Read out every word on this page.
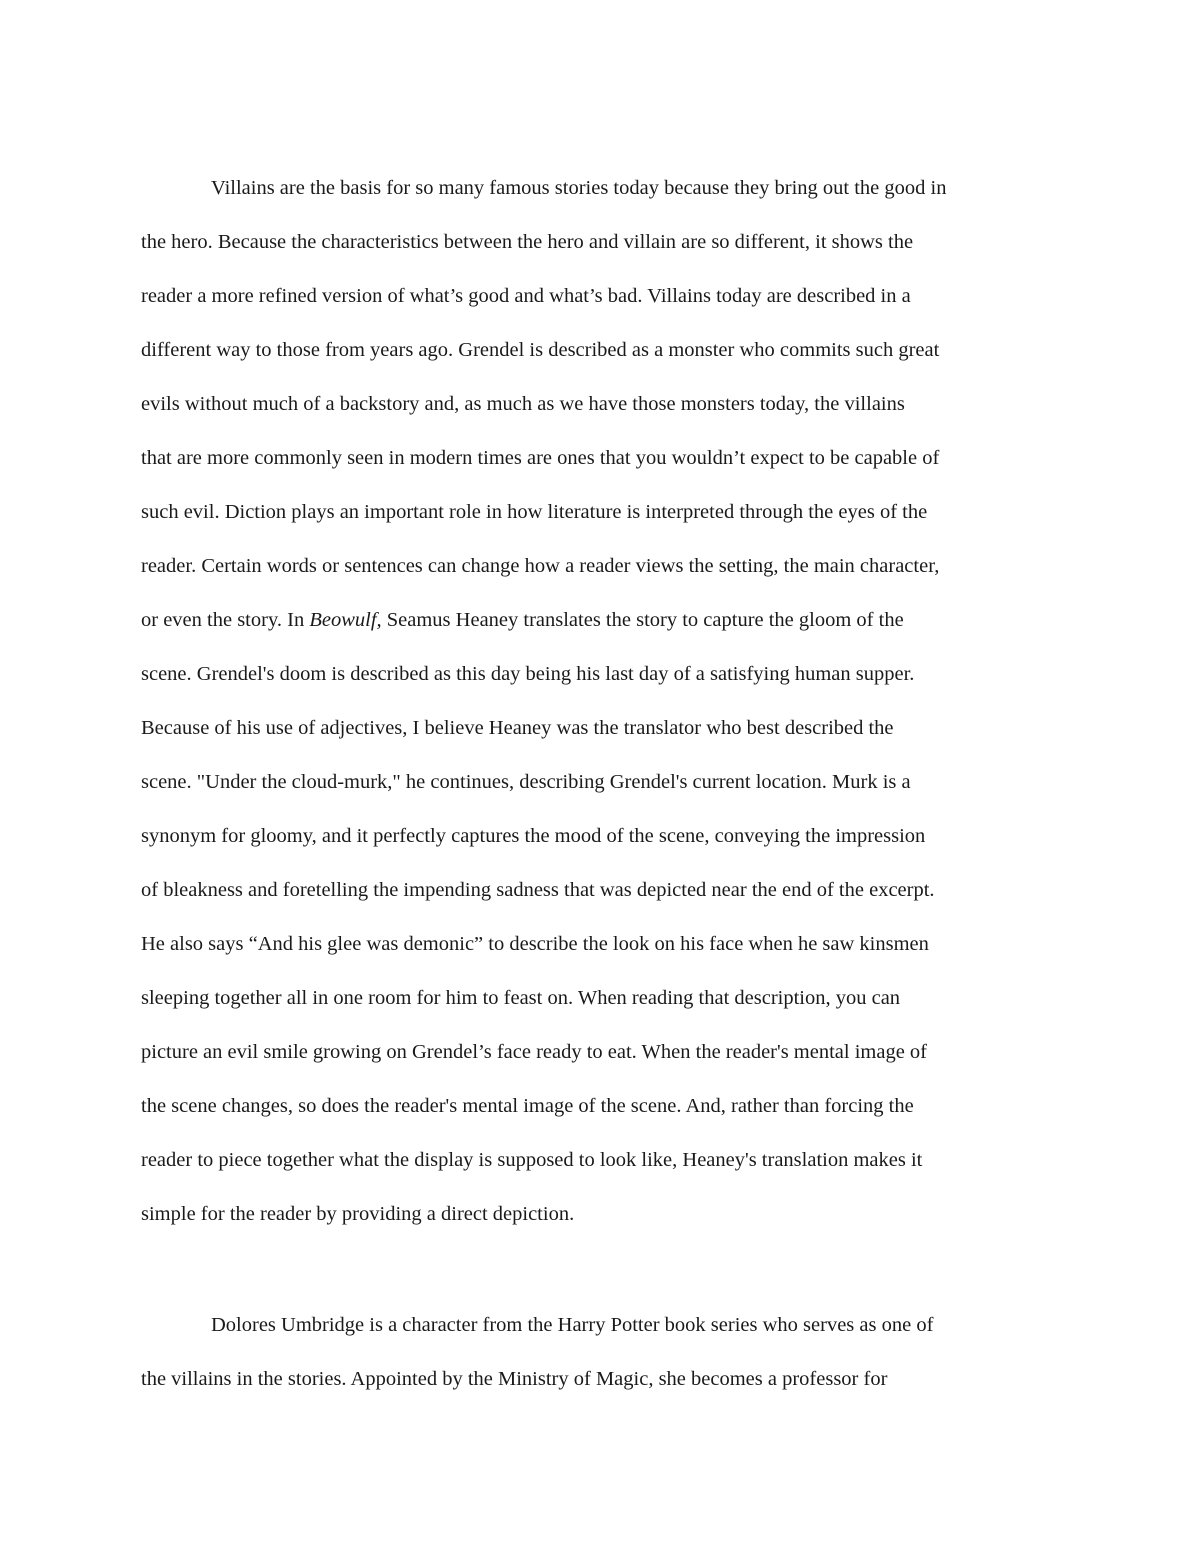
Villains are the basis for so many famous stories today because they bring out the good in
the hero. Because the characteristics between the hero and villain are so different, it shows the
reader a more refined version of what’s good and what’s bad. Villains today are described in a
different way to those from years ago. Grendel is described as a monster who commits such great
evils without much of a backstory and, as much as we have those monsters today, the villains
that are more commonly seen in modern times are ones that you wouldn’t expect to be capable of
such evil. Diction plays an important role in how literature is interpreted through the eyes of the
reader. Certain words or sentences can change how a reader views the setting, the main character,
or even the story. In Beowulf, Seamus Heaney translates the story to capture the gloom of the
scene. Grendel's doom is described as this day being his last day of a satisfying human supper.
Because of his use of adjectives, I believe Heaney was the translator who best described the
scene. "Under the cloud-murk," he continues, describing Grendel's current location. Murk is a
synonym for gloomy, and it perfectly captures the mood of the scene, conveying the impression
of bleakness and foretelling the impending sadness that was depicted near the end of the excerpt.
He also says “And his glee was demonic” to describe the look on his face when he saw kinsmen
sleeping together all in one room for him to feast on. When reading that description, you can
picture an evil smile growing on Grendel’s face ready to eat. When the reader's mental image of
the scene changes, so does the reader's mental image of the scene. And, rather than forcing the
reader to piece together what the display is supposed to look like, Heaney's translation makes it
simple for the reader by providing a direct depiction.
Dolores Umbridge is a character from the Harry Potter book series who serves as one of
the villains in the stories. Appointed by the Ministry of Magic, she becomes a professor for
